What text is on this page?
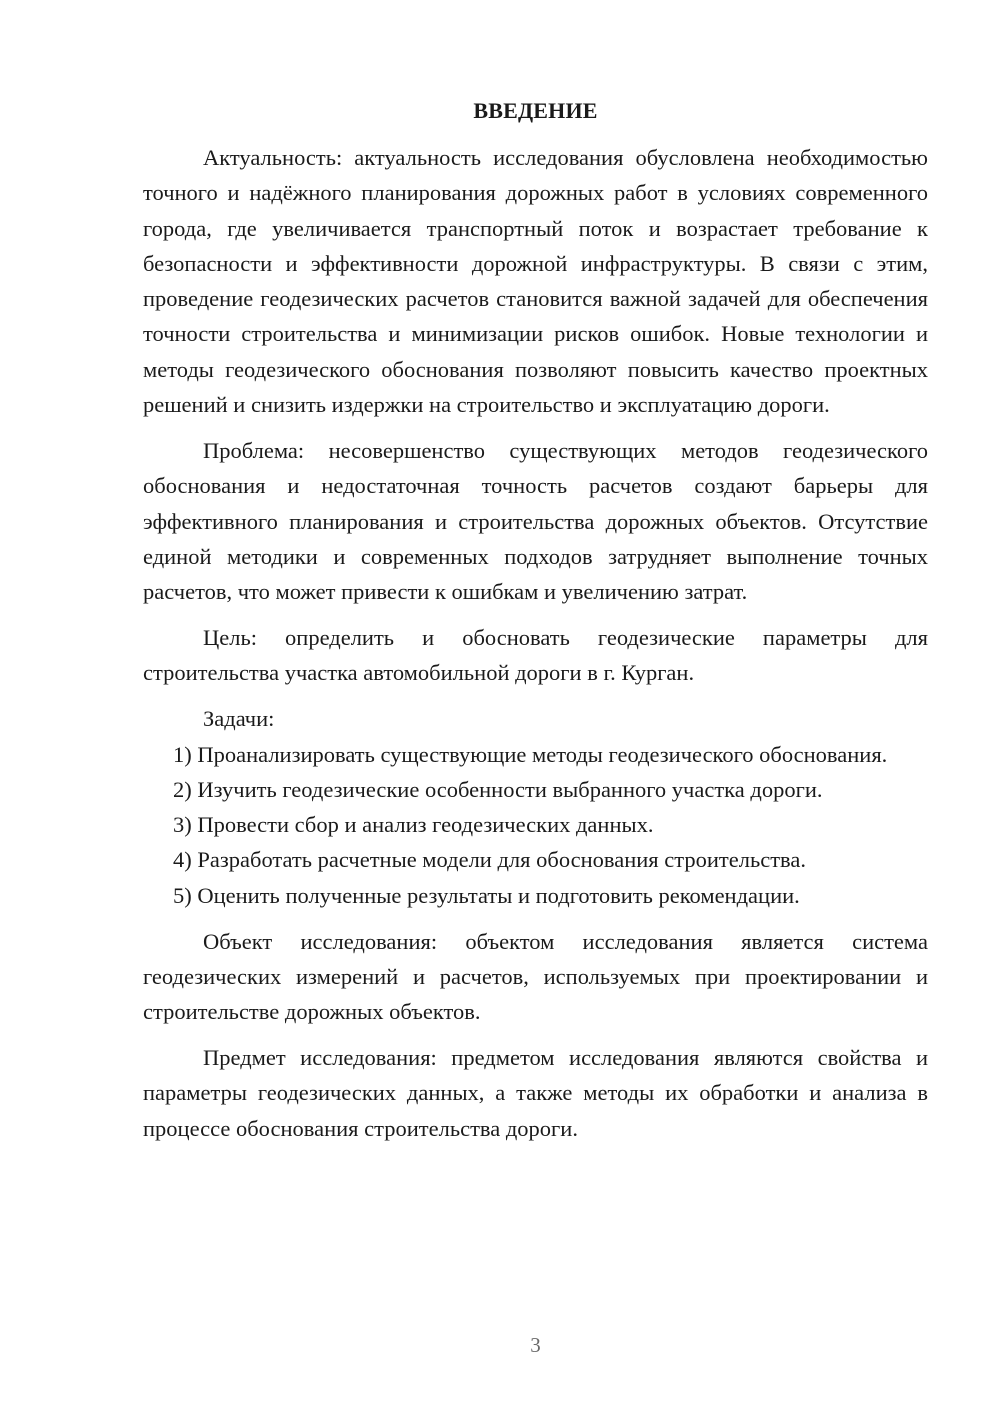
ВВЕДЕНИЕ

Актуальность: актуальность исследования обусловлена необходимостью точного и надёжного планирования дорожных работ в условиях современного города, где увеличивается транспортный поток и возрастает требование к безопасности и эффективности дорожной инфраструктуры. В связи с этим, проведение геодезических расчетов становится важной задачей для обеспечения точности строительства и минимизации рисков ошибок. Новые технологии и методы геодезического обоснования позволяют повысить качество проектных решений и снизить издержки на строительство и эксплуатацию дороги.

Проблема: несовершенство существующих методов геодезического обоснования и недостаточная точность расчетов создают барьеры для эффективного планирования и строительства дорожных объектов. Отсутствие единой методики и современных подходов затрудняет выполнение точных расчетов, что может привести к ошибкам и увеличению затрат.

Цель: определить и обосновать геодезические параметры для строительства участка автомобильной дороги в г. Курган.

Задачи:

1) Проанализировать существующие методы геодезического обоснования.

2) Изучить геодезические особенности выбранного участка дороги.

3) Провести сбор и анализ геодезических данных.

4) Разработать расчетные модели для обоснования строительства.

5) Оценить полученные результаты и подготовить рекомендации.

Объект исследования: объектом исследования является система геодезических измерений и расчетов, используемых при проектировании и строительстве дорожных объектов.

Предмет исследования: предметом исследования являются свойства и параметры геодезических данных, а также методы их обработки и анализа в процессе обоснования строительства дороги.

3
